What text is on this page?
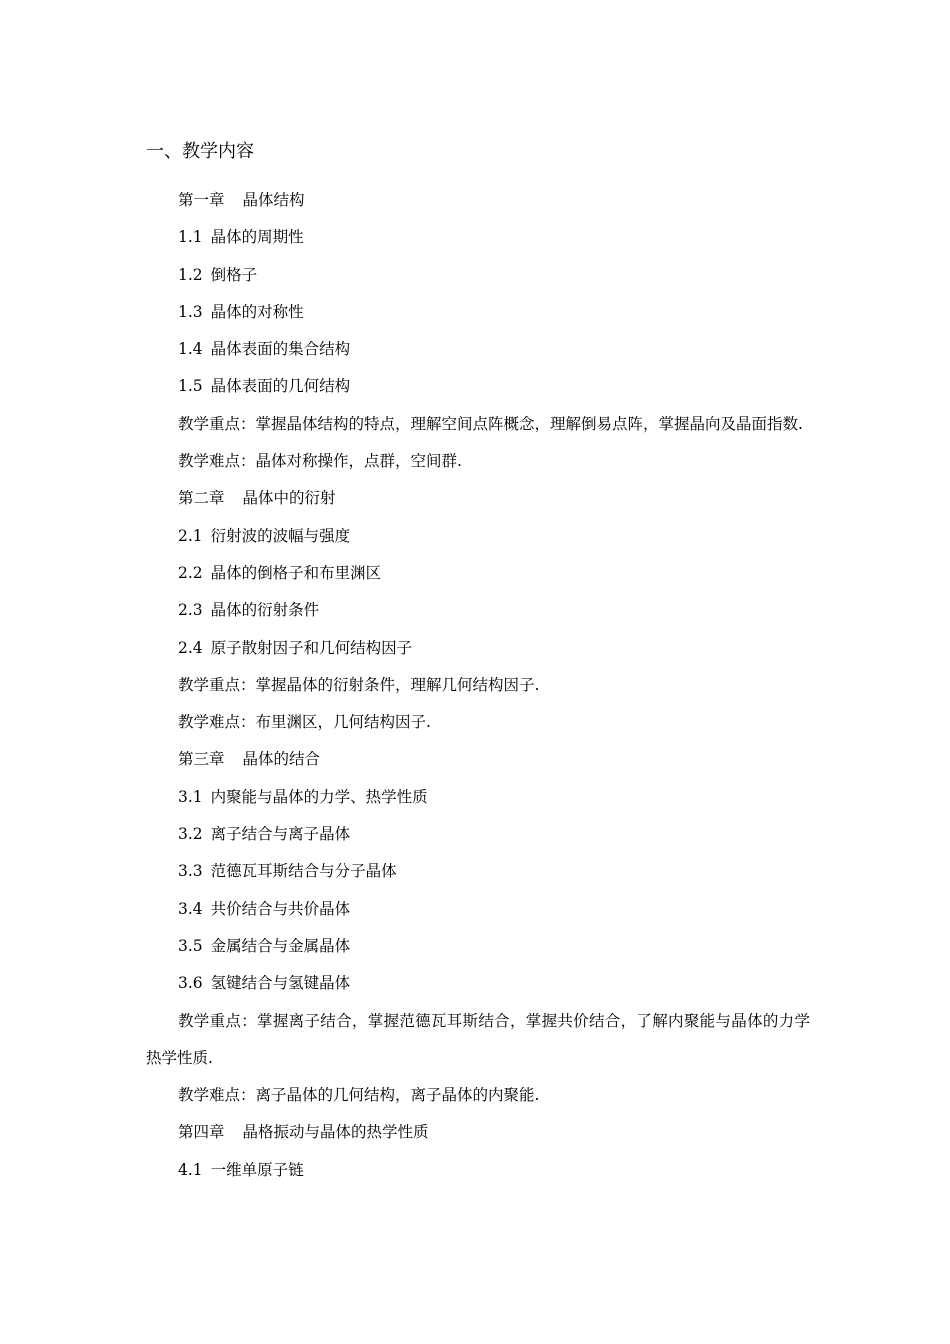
一、教学内容
第一章 晶体结构
1.1 晶体的周期性
1.2 倒格子
1.3 晶体的对称性
1.4 晶体表面的集合结构
1.5 晶体表面的几何结构
教学重点：掌握晶体结构的特点，理解空间点阵概念，理解倒易点阵，掌握晶向及晶面指数.
教学难点：晶体对称操作，点群，空间群.
第二章 晶体中的衍射
2.1 衍射波的波幅与强度
2.2 晶体的倒格子和布里渊区
2.3 晶体的衍射条件
2.4 原子散射因子和几何结构因子
教学重点：掌握晶体的衍射条件，理解几何结构因子.
教学难点：布里渊区，几何结构因子.
第三章 晶体的结合
3.1 内聚能与晶体的力学、热学性质
3.2 离子结合与离子晶体
3.3 范德瓦耳斯结合与分子晶体
3.4 共价结合与共价晶体
3.5 金属结合与金属晶体
3.6 氢键结合与氢键晶体
教学重点：掌握离子结合，掌握范德瓦耳斯结合，掌握共价结合，了解内聚能与晶体的力学热学性质.
教学难点：离子晶体的几何结构，离子晶体的内聚能.
第四章 晶格振动与晶体的热学性质
4.1 一维单原子链
